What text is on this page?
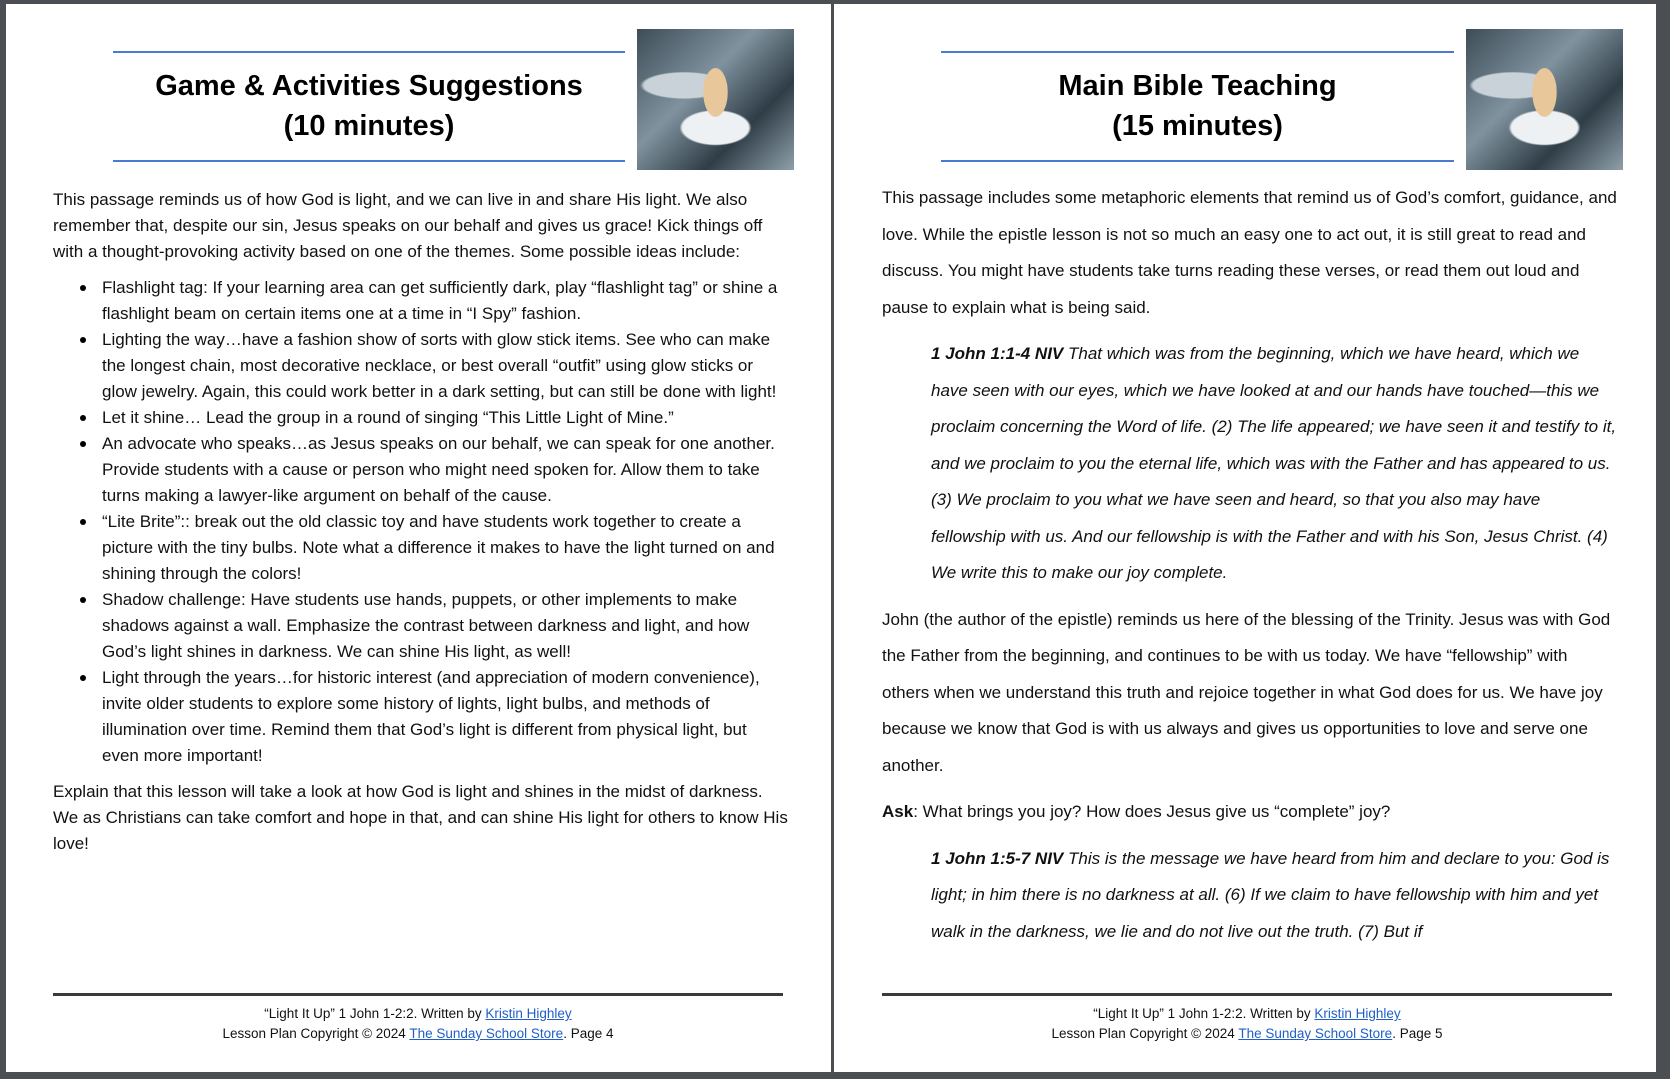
Game & Activities Suggestions
(10 minutes)

This passage reminds us of how God is light, and we can live in and share His light. We also remember that, despite our sin, Jesus speaks on our behalf and gives us grace! Kick things off with a thought-provoking activity based on one of the themes. Some possible ideas include:

Flashlight tag: If your learning area can get sufficiently dark, play “flashlight tag” or shine a flashlight beam on certain items one at a time in “I Spy” fashion.
Lighting the way…have a fashion show of sorts with glow stick items. See who can make the longest chain, most decorative necklace, or best overall “outfit” using glow sticks or glow jewelry. Again, this could work better in a dark setting, but can still be done with light!
Let it shine… Lead the group in a round of singing “This Little Light of Mine.”
An advocate who speaks…as Jesus speaks on our behalf, we can speak for one another. Provide students with a cause or person who might need spoken for. Allow them to take turns making a lawyer-like argument on behalf of the cause.
“Lite Brite”:: break out the old classic toy and have students work together to create a picture with the tiny bulbs. Note what a difference it makes to have the light turned on and shining through the colors!
Shadow challenge: Have students use hands, puppets, or other implements to make shadows against a wall. Emphasize the contrast between darkness and light, and how God’s light shines in darkness. We can shine His light, as well!
Light through the years…for historic interest (and appreciation of modern convenience), invite older students to explore some history of lights, light bulbs, and methods of illumination over time. Remind them that God’s light is different from physical light, but even more important!

Explain that this lesson will take a look at how God is light and shines in the midst of darkness. We as Christians can take comfort and hope in that, and can shine His light for others to know His love!

“Light It Up” 1 John 1-2:2. Written by Kristin Highley
Lesson Plan Copyright © 2024 The Sunday School Store. Page 4
Main Bible Teaching
(15 minutes)

This passage includes some metaphoric elements that remind us of God’s comfort, guidance, and love. While the epistle lesson is not so much an easy one to act out, it is still great to read and discuss. You might have students take turns reading these verses, or read them out loud and pause to explain what is being said.

1 John 1:1-4 NIV That which was from the beginning, which we have heard, which we have seen with our eyes, which we have looked at and our hands have touched—this we proclaim concerning the Word of life. (2) The life appeared; we have seen it and testify to it, and we proclaim to you the eternal life, which was with the Father and has appeared to us. (3) We proclaim to you what we have seen and heard, so that you also may have fellowship with us. And our fellowship is with the Father and with his Son, Jesus Christ. (4) We write this to make our joy complete.

John (the author of the epistle) reminds us here of the blessing of the Trinity. Jesus was with God the Father from the beginning, and continues to be with us today. We have “fellowship” with others when we understand this truth and rejoice together in what God does for us. We have joy because we know that God is with us always and gives us opportunities to love and serve one another.

Ask: What brings you joy? How does Jesus give us “complete” joy?

1 John 1:5-7 NIV This is the message we have heard from him and declare to you: God is light; in him there is no darkness at all. (6) If we claim to have fellowship with him and yet walk in the darkness, we lie and do not live out the truth. (7) But if

“Light It Up” 1 John 1-2:2. Written by Kristin Highley
Lesson Plan Copyright © 2024 The Sunday School Store. Page 5
